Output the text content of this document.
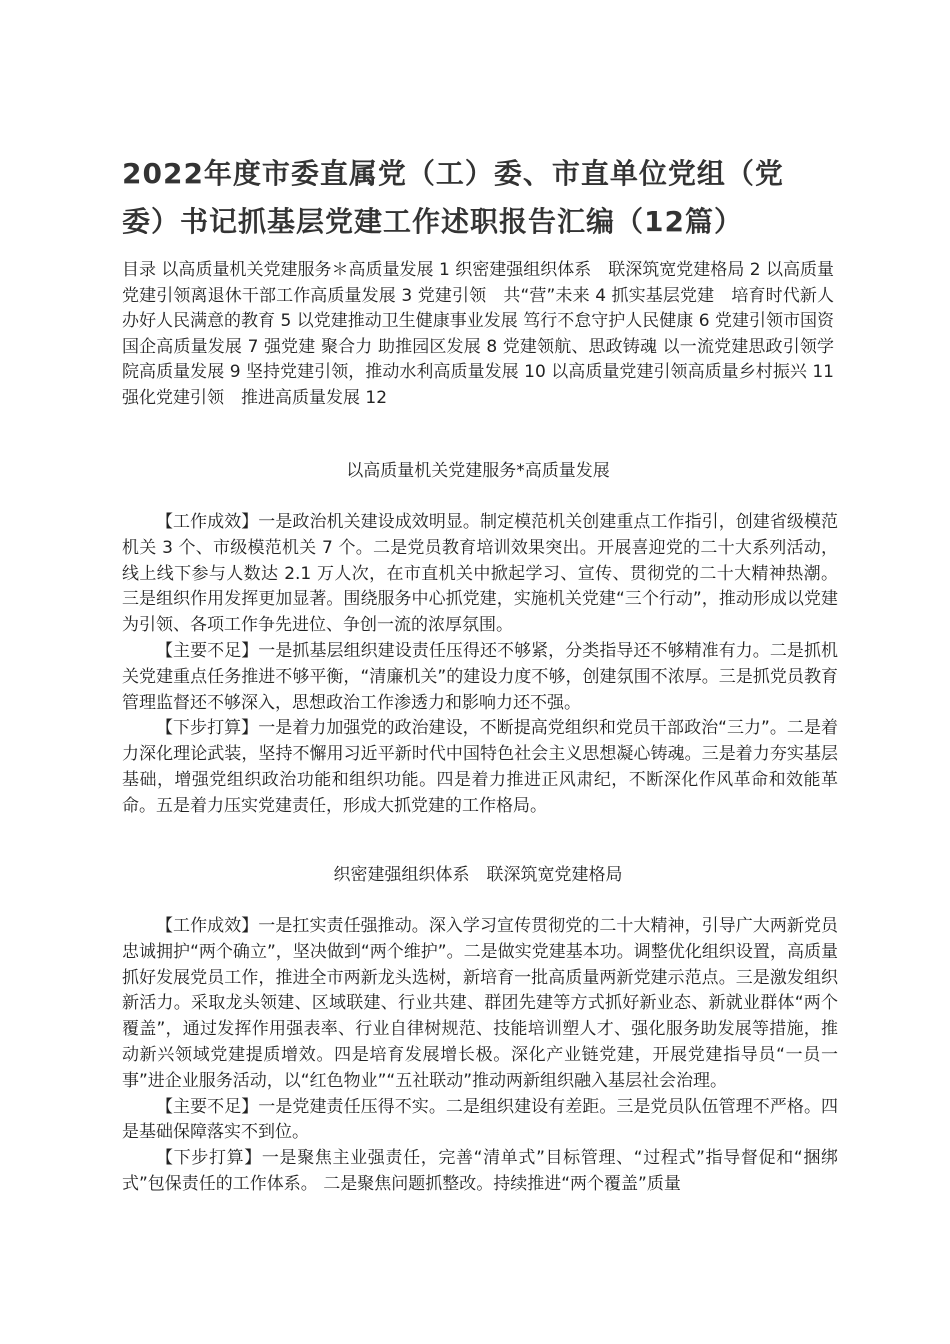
2022年度市委直属党（工）委、市直单位党组（党
委）书记抓基层党建工作述职报告汇编（12篇）
目录 以高质量机关党建服务＊高质量发展 1 织密建强组织体系　联深筑宽党建格局 2 以高质量党建引领离退休干部工作高质量发展 3 党建引领　共“营”未来 4 抓实基层党建　培育时代新人 办好人民满意的教育 5 以党建推动卫生健康事业发展 笃行不怠守护人民健康 6 党建引领市国资国企高质量发展 7 强党建 聚合力 助推园区发展 8 党建领航、思政铸魂 以一流党建思政引领学院高质量发展 9 坚持党建引领，推动水利高质量发展 10 以高质量党建引领高质量乡村振兴 11 强化党建引领　推进高质量发展 12
以高质量机关党建服务*高质量发展

【工作成效】一是政治机关建设成效明显。制定模范机关创建重点工作指引，创建省级模范机关 3 个、市级模范机关 7 个。二是党员教育培训效果突出。开展喜迎党的二十大系列活动，线上线下参与人数达 2.1 万人次，在市直机关中掀起学习、宣传、贯彻党的二十大精神热潮。三是组织作用发挥更加显著。围绕服务中心抓党建，实施机关党建“三个行动”，推动形成以党建为引领、各项工作争先进位、争创一流的浓厚氛围。

【主要不足】一是抓基层组织建设责任压得还不够紧，分类指导还不够精准有力。二是抓机关党建重点任务推进不够平衡，“清廉机关”的建设力度不够，创建氛围不浓厚。三是抓党员教育管理监督还不够深入，思想政治工作渗透力和影响力还不强。

【下步打算】一是着力加强党的政治建设，不断提高党组织和党员干部政治“三力”。二是着力深化理论武装，坚持不懈用习近平新时代中国特色社会主义思想凝心铸魂。三是着力夯实基层基础，增强党组织政治功能和组织功能。四是着力推进正风肃纪，不断深化作风革命和效能革命。五是着力压实党建责任，形成大抓党建的工作格局。

织密建强组织体系　联深筑宽党建格局

【工作成效】一是扛实责任强推动。深入学习宣传贯彻党的二十大精神，引导广大两新党员忠诚拥护“两个确立”，坚决做到“两个维护”。二是做实党建基本功。调整优化组织设置，高质量抓好发展党员工作，推进全市两新龙头选树，新培育一批高质量两新党建示范点。三是激发组织新活力。采取龙头领建、区域联建、行业共建、群团先建等方式抓好新业态、新就业群体“两个覆盖”，通过发挥作用强表率、行业自律树规范、技能培训塑人才、强化服务助发展等措施，推动新兴领域党建提质增效。四是培育发展增长极。深化产业链党建，开展党建指导员“一员一事”进企业服务活动，以“红色物业”“五社联动”推动两新组织融入基层社会治理。

【主要不足】一是党建责任压得不实。二是组织建设有差距。三是党员队伍管理不严格。四是基础保障落实不到位。

【下步打算】一是聚焦主业强责任，完善“清单式”目标管理、“过程式”指导督促和“捆绑式”包保责任的工作体系。 二是聚焦问题抓整改。持续推进“两个覆盖”质量
